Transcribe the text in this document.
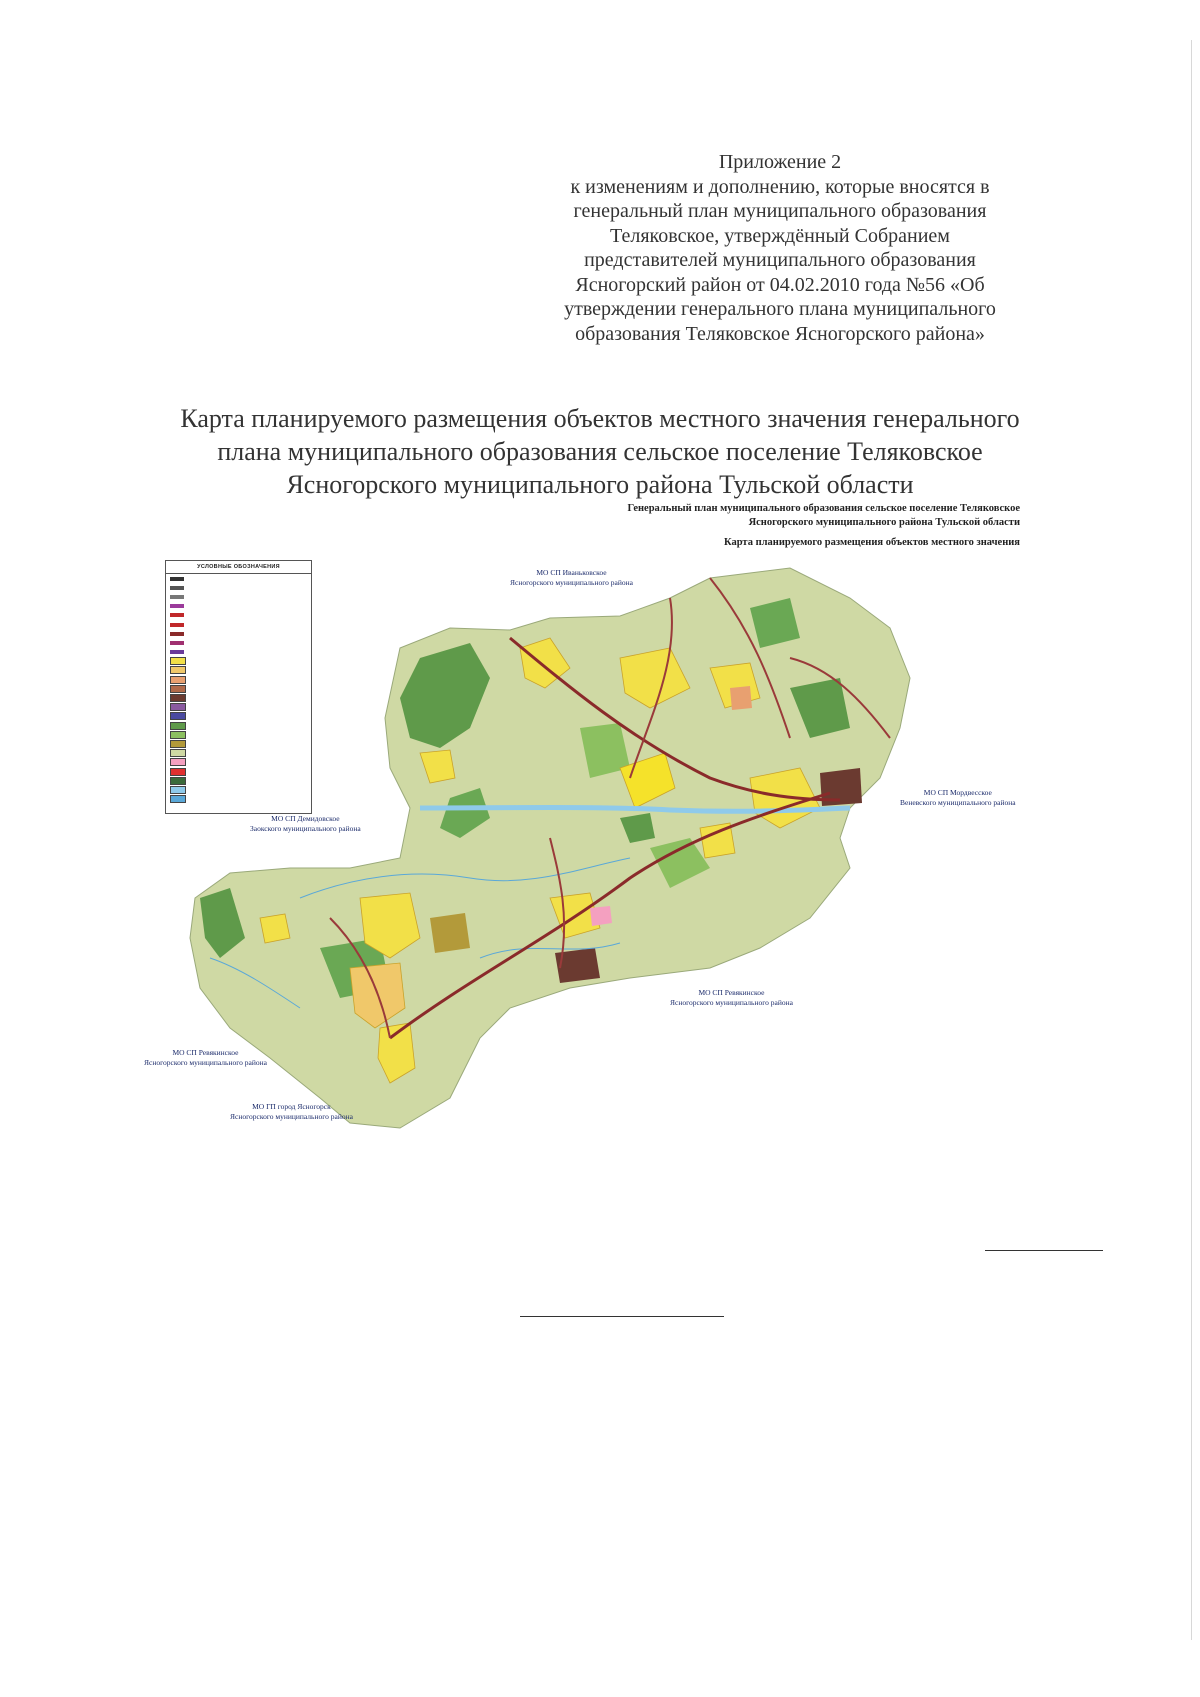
Приложение 2
к изменениям и дополнению, которые вносятся в
генеральный план муниципального образования
Теляковское, утверждённый Собранием
представителей муниципального образования
Ясногорский район от 04.02.2010 года №56 «Об
утверждении генерального плана муниципального
образования Теляковское Ясногорского района»
Карта планируемого размещения объектов местного значения генерального
плана муниципального образования сельское поселение Теляковское
Ясногорского муниципального района Тульской области
Генеральный план муниципального образования сельское поселение Теляковское
Ясногорского муниципального района Тульской области
Карта планируемого размещения объектов местного значения
МО СП Иваньковское
Ясногорского муниципального района
МО СП Демидовское
Заокского муниципального района
МО СП Мордвесское
Веневского муниципального района
МО СП Ревякинское
Ясногорского муниципального района
МО СП Ревякинское
Ясногорского муниципального района
МО ГП город Ясногорск
Ясногорского муниципального района
УСЛОВНЫЕ ОБОЗНАЧЕНИЯ
